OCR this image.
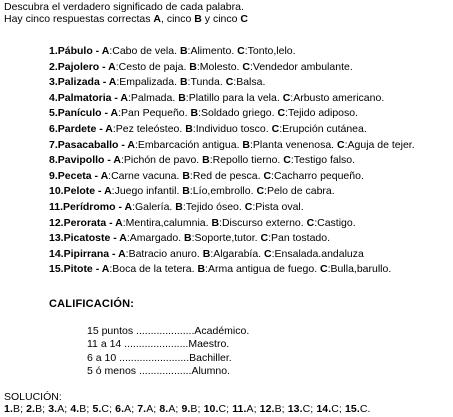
Descubra el verdadero significado de cada palabra.
Hay cinco respuestas correctas A, cinco B y cinco C
1.Pábulo - A:Cabo de vela. B:Alimento. C:Tonto,lelo.
2.Pajolero - A:Cesto de paja. B:Molesto. C:Vendedor ambulante.
3.Palizada - A:Empalizada. B:Tunda. C:Balsa.
4.Palmatoria - A:Palmada. B:Platillo para la vela. C:Arbusto americano.
5.Panículo - A:Pan Pequeño. B:Soldado griego. C:Tejido adiposo.
6.Pardete - A:Pez teleósteo. B:Individuo tosco. C:Erupción cutánea.
7.Pasacaballo - A:Embarcación antigua. B:Planta venenosa. C:Aguja de tejer.
8.Pavipollo - A:Pichón de pavo. B:Repollo tierno. C:Testigo falso.
9.Peceta - A:Carne vacuna. B:Red de pesca. C:Cacharro pequeño.
10.Pelote - A:Juego infantil. B:Lío,embrollo. C:Pelo de cabra.
11.Perídromo - A:Galería. B:Tejido óseo. C:Pista oval.
12.Perorata - A:Mentira,calumnia. B:Discurso externo. C:Castigo.
13.Picatoste - A:Amargado. B:Soporte,tutor. C:Pan tostado.
14.Pipirrana - A:Batracio anuro. B:Algarabía. C:Ensalada.andaluza
15.Pitote - A:Boca de la tetera. B:Arma antigua de fuego. C:Bulla,barullo.
CALIFICACIÓN:
15 puntos ....................Académico.
11 a 14 ......................Maestro.
6 a 10 ........................Bachiller.
5 ó menos ..................Alumno.
SOLUCIÓN:
1.B; 2.B; 3.A; 4.B; 5.C; 6.A; 7.A; 8.A; 9.B; 10.C; 11.A; 12.B; 13.C; 14.C; 15.C.
